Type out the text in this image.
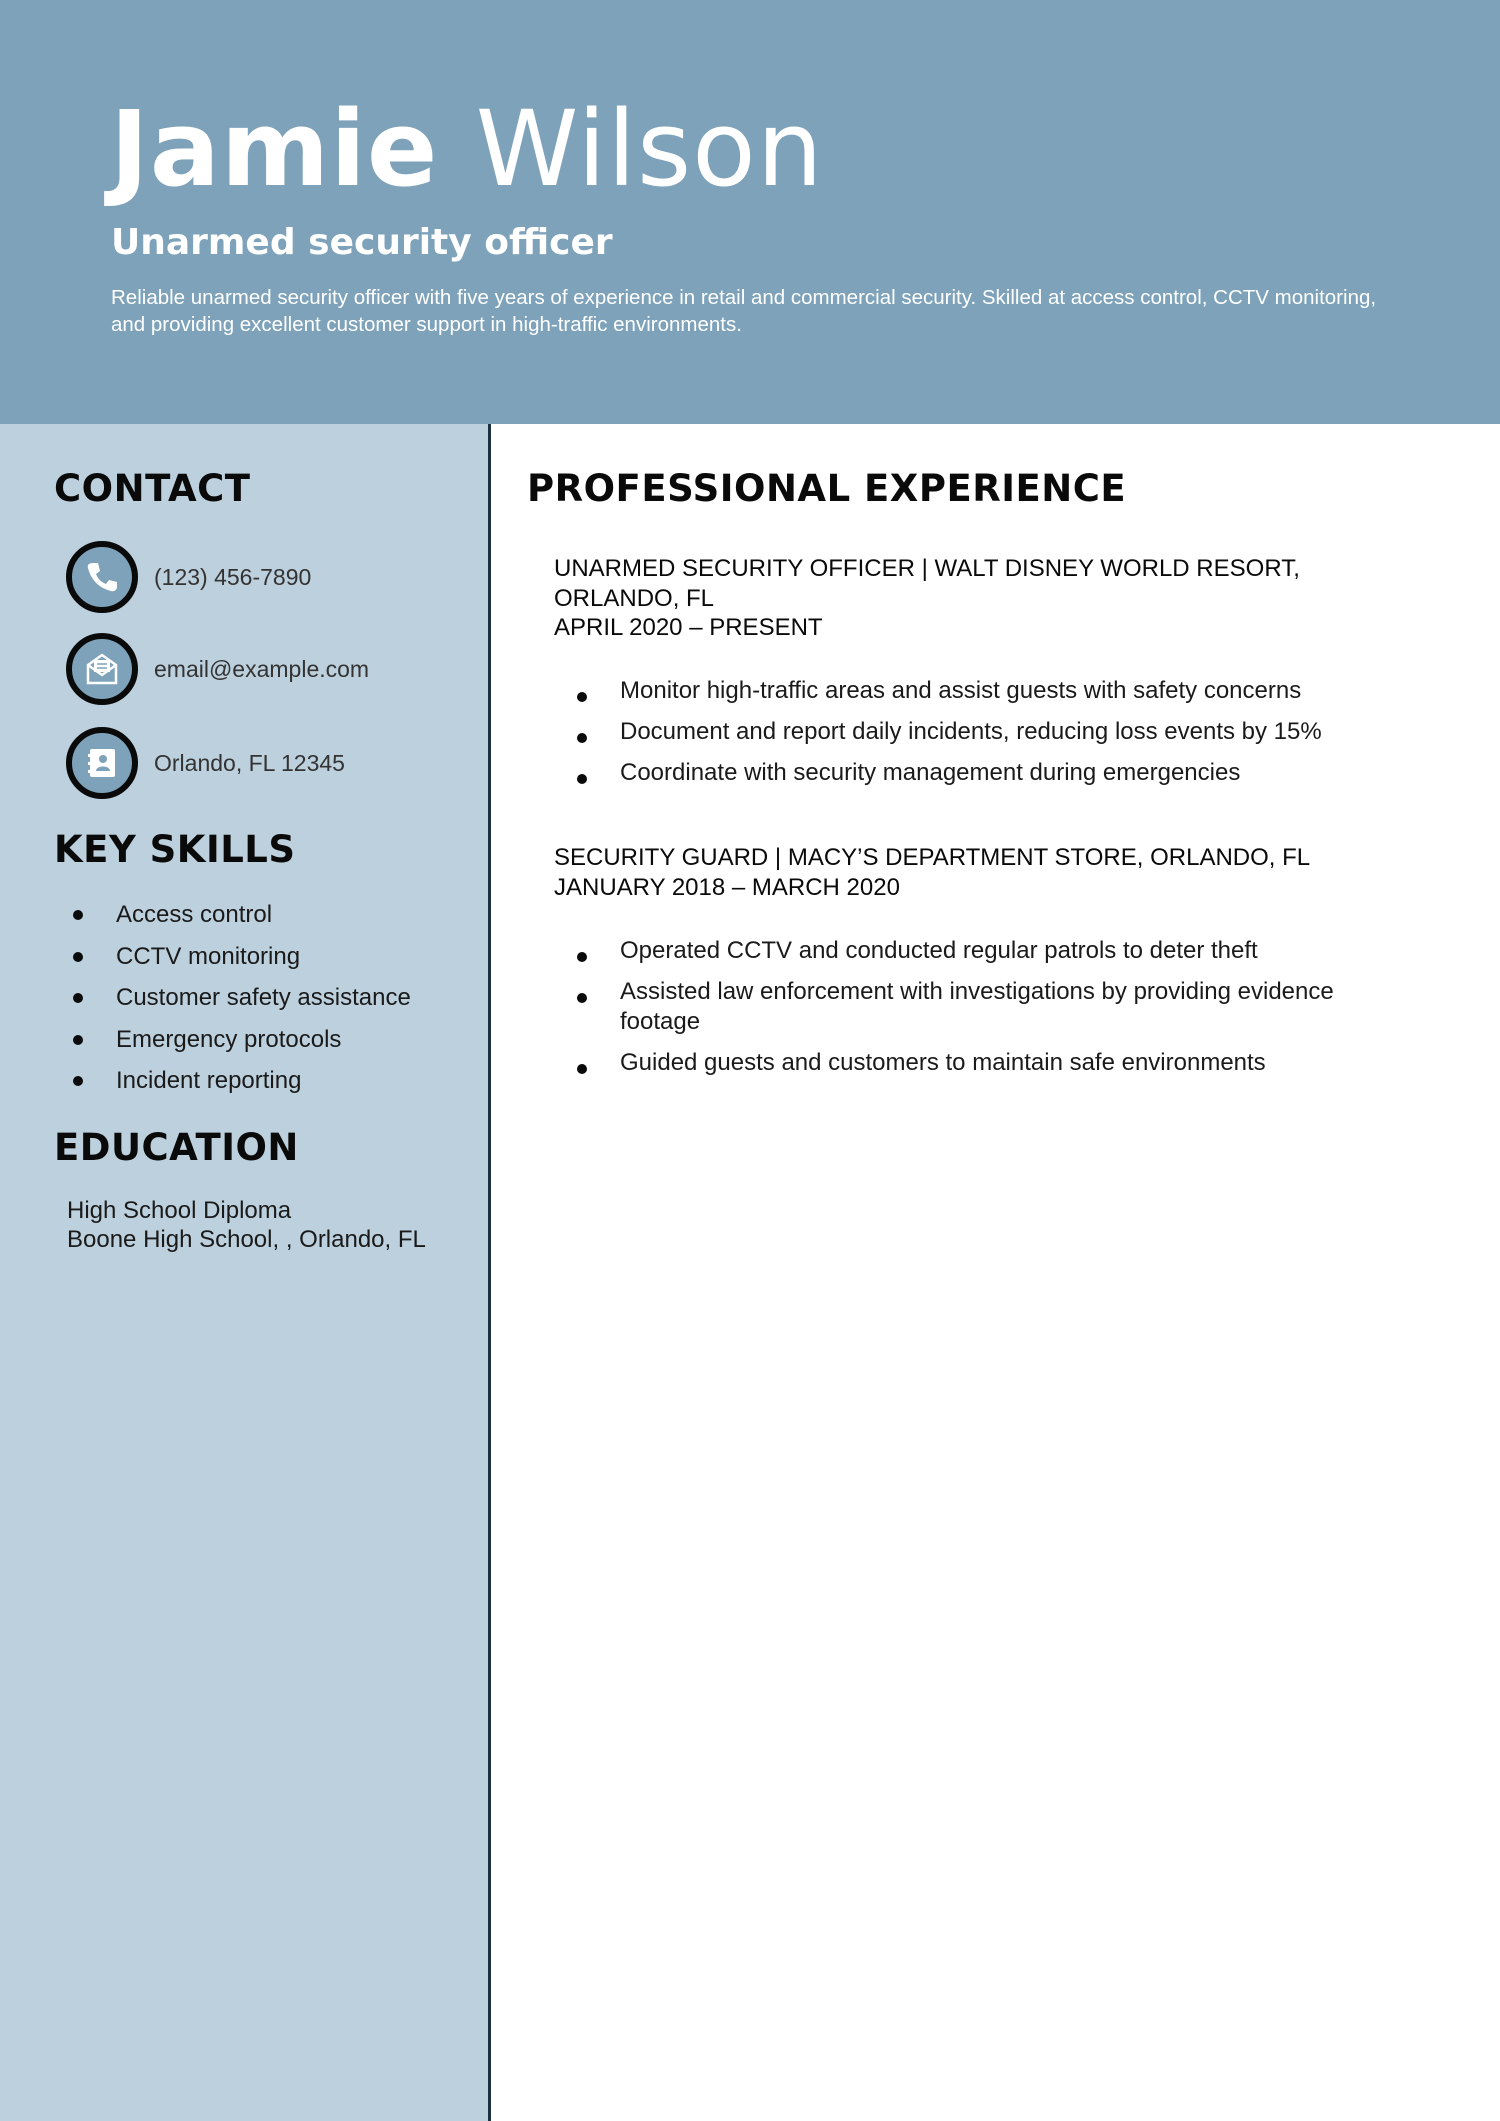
Jamie Wilson
Unarmed security officer

Reliable unarmed security officer with five years of experience in retail and commercial security. Skilled at access control, CCTV monitoring, and providing excellent customer support in high-traffic environments.

CONTACT
(123) 456-7890
email@example.com
Orlando, FL 12345
KEY SKILLS
Access control
CCTV monitoring
Customer safety assistance
Emergency protocols
Incident reporting
EDUCATION
High School Diploma
Boone High School, , Orlando, FL
PROFESSIONAL EXPERIENCE
UNARMED SECURITY OFFICER | WALT DISNEY WORLD RESORT, ORLANDO, FL
APRIL 2020 – PRESENT
Monitor high-traffic areas and assist guests with safety concerns
Document and report daily incidents, reducing loss events by 15%
Coordinate with security management during emergencies
SECURITY GUARD | MACY’S DEPARTMENT STORE, ORLANDO, FL
JANUARY 2018 – MARCH 2020
Operated CCTV and conducted regular patrols to deter theft
Assisted law enforcement with investigations by providing evidence footage
Guided guests and customers to maintain safe environments
